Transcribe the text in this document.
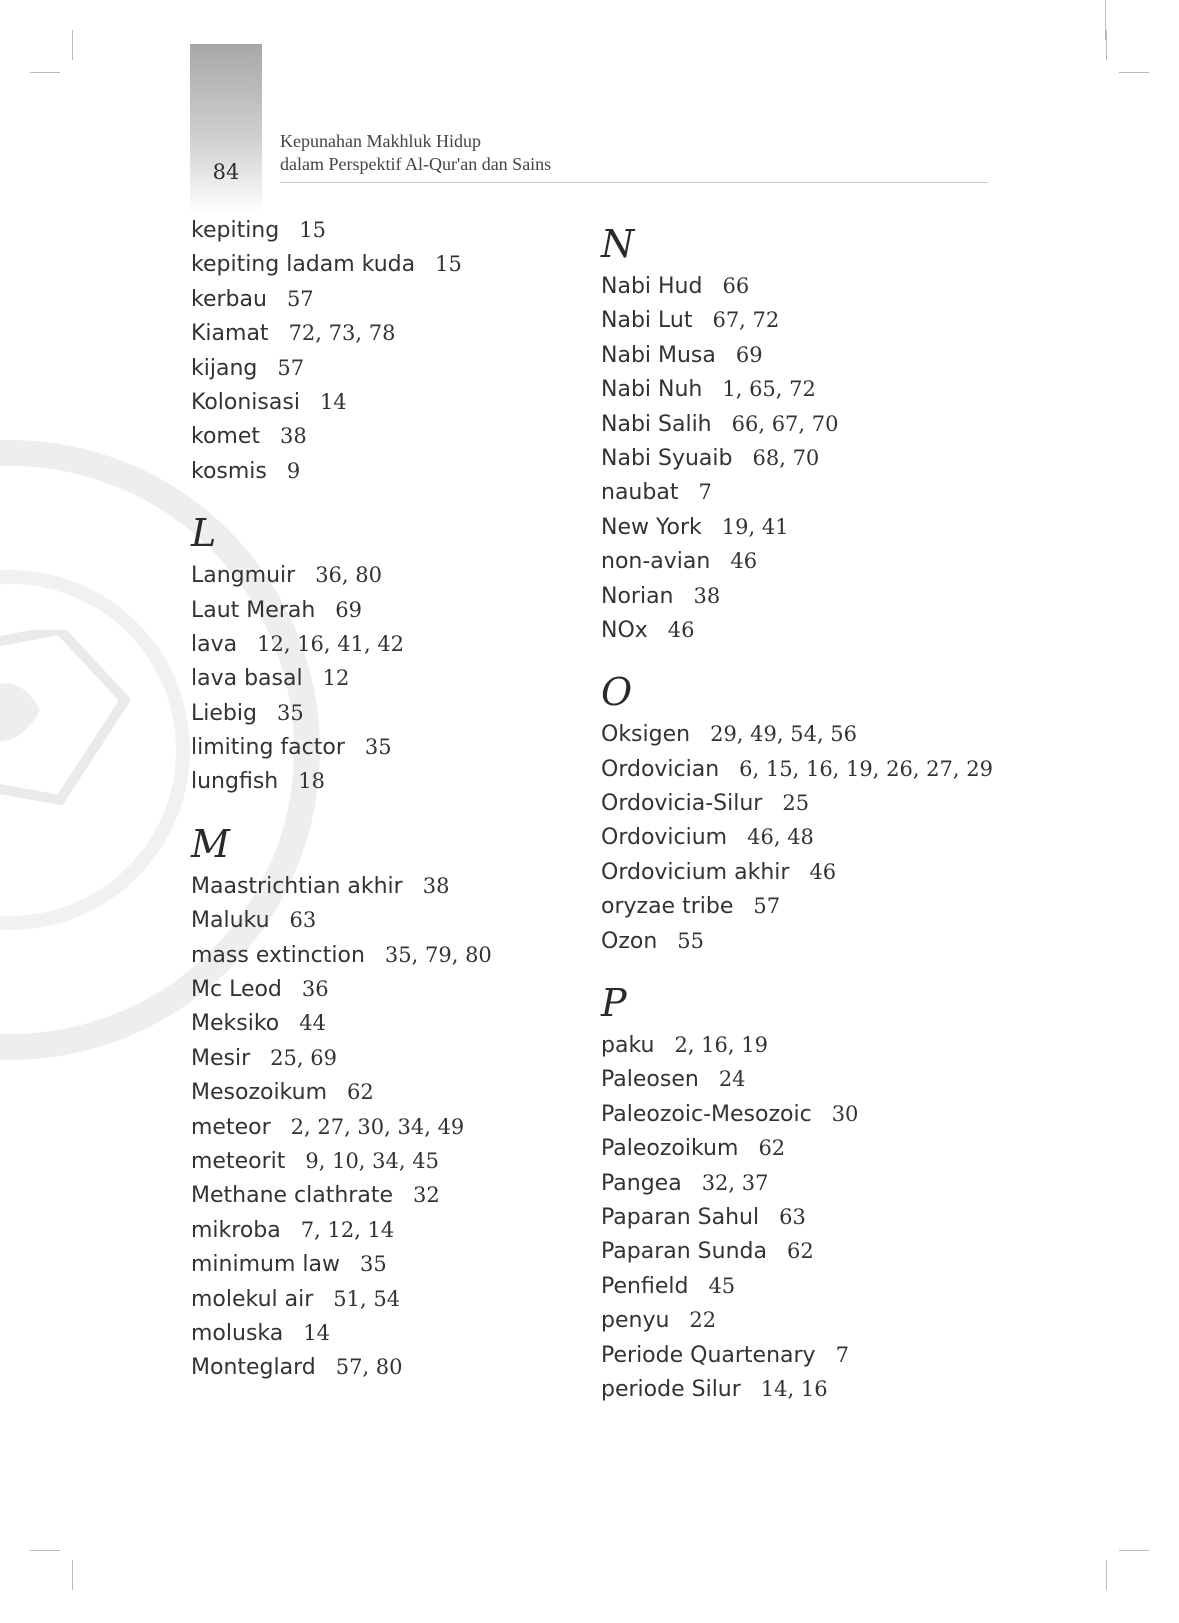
84
Kepunahan Makhluk Hidup
dalam Perspektif Al-Qur'an dan Sains
kepiting 15
kepiting ladam kuda 15
kerbau 57
Kiamat 72, 73, 78
kijang 57
Kolonisasi 14
komet 38
kosmis 9
L
Langmuir 36, 80
Laut Merah 69
lava 12, 16, 41, 42
lava basal 12
Liebig 35
limiting factor 35
lungfish 18
M
Maastrichtian akhir 38
Maluku 63
mass extinction 35, 79, 80
Mc Leod 36
Meksiko 44
Mesir 25, 69
Mesozoikum 62
meteor 2, 27, 30, 34, 49
meteorit 9, 10, 34, 45
Methane clathrate 32
mikroba 7, 12, 14
minimum law 35
molekul air 51, 54
moluska 14
Monteglard 57, 80
N
Nabi Hud 66
Nabi Lut 67, 72
Nabi Musa 69
Nabi Nuh 1, 65, 72
Nabi Salih 66, 67, 70
Nabi Syuaib 68, 70
naubat 7
New York 19, 41
non-avian 46
Norian 38
NOx 46
O
Oksigen 29, 49, 54, 56
Ordovician 6, 15, 16, 19, 26, 27, 29
Ordovicia-Silur 25
Ordovicium 46, 48
Ordovicium akhir 46
oryzae tribe 57
Ozon 55
P
paku 2, 16, 19
Paleosen 24
Paleozoic-Mesozoic 30
Paleozoikum 62
Pangea 32, 37
Paparan Sahul 63
Paparan Sunda 62
Penfield 45
penyu 22
Periode Quartenary 7
periode Silur 14, 16
